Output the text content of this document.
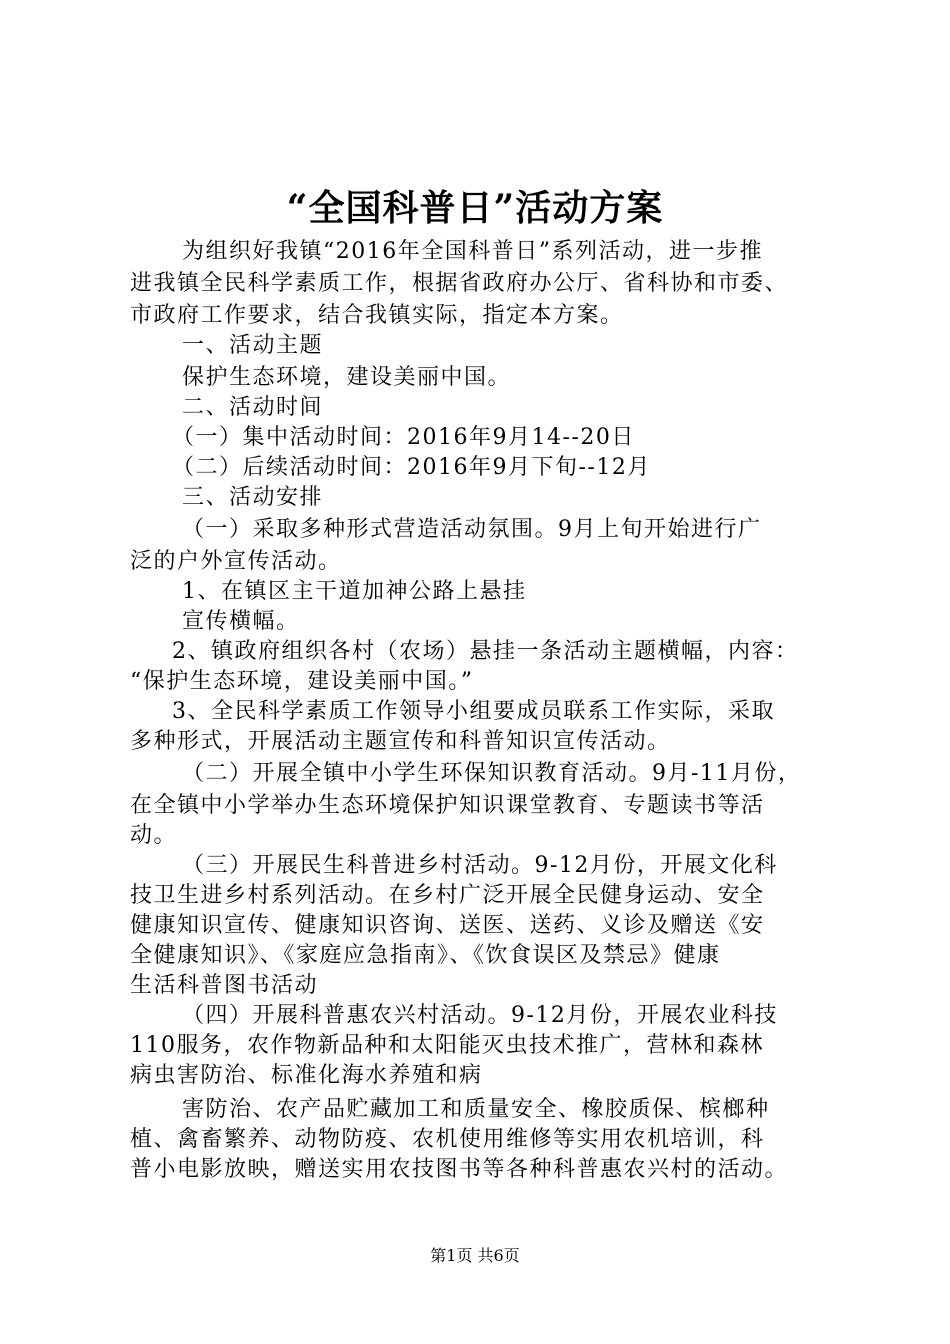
“全国科普日”活动方案
为组织好我镇“2016年全国科普日”系列活动，进一步推
进我镇全民科学素质工作，根据省政府办公厅、省科协和市委、
市政府工作要求，结合我镇实际，指定本方案。
一、活动主题
保护生态环境，建设美丽中国。
二、活动时间
（一）集中活动时间：2016年9月14--20日
（二）后续活动时间：2016年9月下旬--12月
三、活动安排
（一）采取多种形式营造活动氛围。9月上旬开始进行广
泛的户外宣传活动。
1、在镇区主干道加神公路上悬挂
宣传横幅。
2、镇政府组织各村（农场）悬挂一条活动主题横幅，内容：
“保护生态环境，建设美丽中国。”
3、全民科学素质工作领导小组要成员联系工作实际，采取
多种形式，开展活动主题宣传和科普知识宣传活动。
（二）开展全镇中小学生环保知识教育活动。9月-11月份，
在全镇中小学举办生态环境保护知识课堂教育、专题读书等活
动。
（三）开展民生科普进乡村活动。9-12月份，开展文化科
技卫生进乡村系列活动。在乡村广泛开展全民健身运动、安全
健康知识宣传、健康知识咨询、送医、送药、义诊及赠送《安
全健康知识》、《家庭应急指南》、《饮食误区及禁忌》健康
生活科普图书活动
（四）开展科普惠农兴村活动。9-12月份，开展农业科技
110服务，农作物新品种和太阳能灭虫技术推广，营林和森林
病虫害防治、标准化海水养殖和病
害防治、农产品贮藏加工和质量安全、橡胶质保、槟榔种
植、禽畜繁养、动物防疫、农机使用维修等实用农机培训，科
普小电影放映，赠送实用农技图书等各种科普惠农兴村的活动。
第1页 共6页
